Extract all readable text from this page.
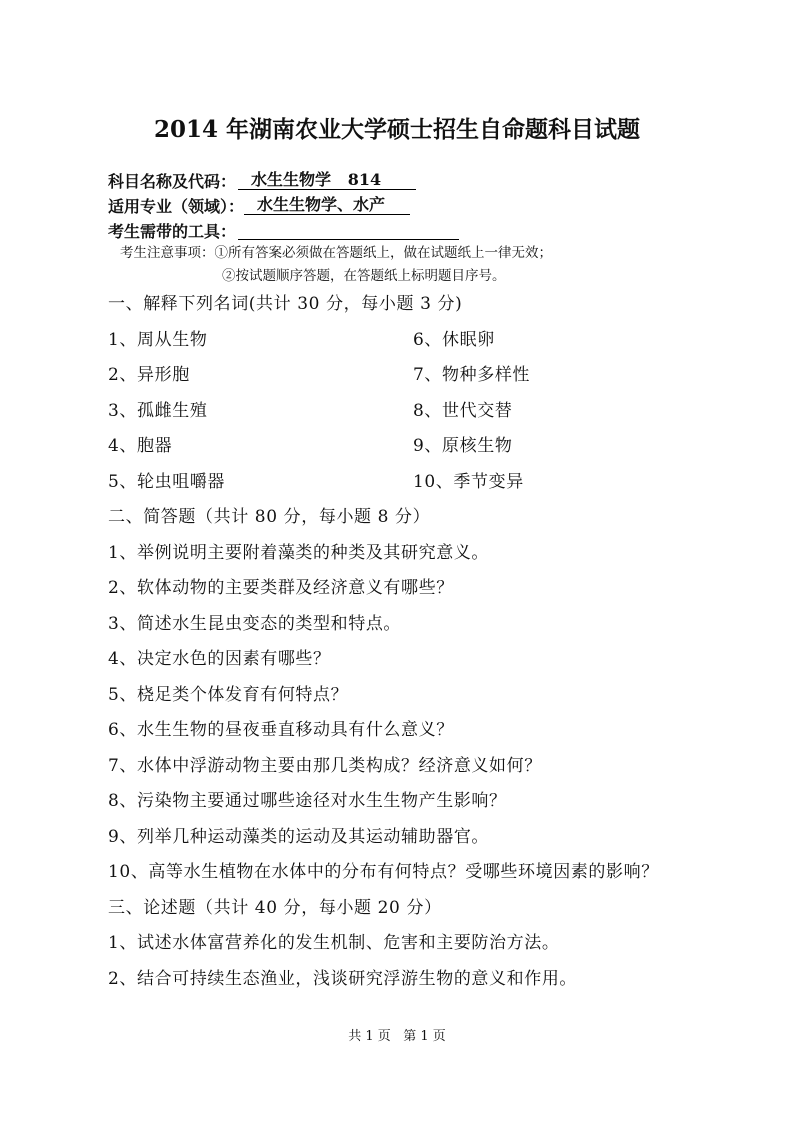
2014 年湖南农业大学硕士招生自命题科目试题
科目名称及代码： 水生生物学   814
适用专业（领域）： 水生生物学、水产
考生需带的工具：
考生注意事项：①所有答案必须做在答题纸上，做在试题纸上一律无效；
②按试题顺序答题，在答题纸上标明题目序号。
一、解释下列名词(共计 30 分，每小题 3 分)
1、周从生物	6、休眠卵
2、异形胞	7、物种多样性
3、孤雌生殖	8、世代交替
4、胞器	9、原核生物
5、轮虫咀嚼器	10、季节变异
二、简答题（共计 80 分，每小题 8 分）
1、举例说明主要附着藻类的种类及其研究意义。
2、软体动物的主要类群及经济意义有哪些？
3、简述水生昆虫变态的类型和特点。
4、决定水色的因素有哪些？
5、桡足类个体发育有何特点？
6、水生生物的昼夜垂直移动具有什么意义？
7、水体中浮游动物主要由那几类构成？经济意义如何？
8、污染物主要通过哪些途径对水生生物产生影响？
9、列举几种运动藻类的运动及其运动辅助器官。
10、高等水生植物在水体中的分布有何特点？受哪些环境因素的影响？
三、论述题（共计 40 分，每小题 20 分）
1、试述水体富营养化的发生机制、危害和主要防治方法。
2、结合可持续生态渔业，浅谈研究浮游生物的意义和作用。
共 1 页   第 1 页
